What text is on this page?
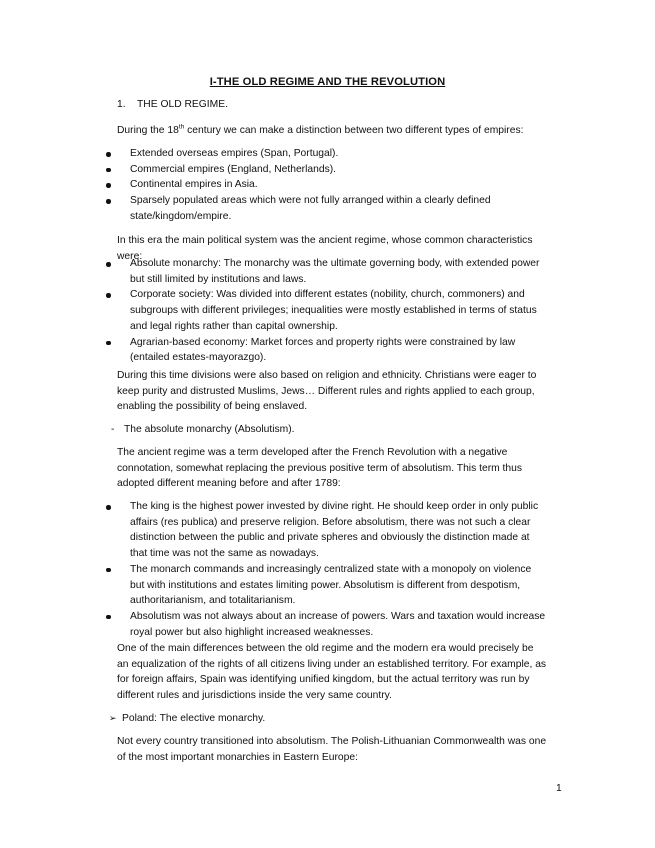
I-THE OLD REGIME AND THE REVOLUTION
1. THE OLD REGIME.

During the 18th century we can make a distinction between two different types of empires:

Extended overseas empires (Span, Portugal).
Commercial empires (England, Netherlands).
Continental empires in Asia.
Sparsely populated areas which were not fully arranged within a clearly defined state/kingdom/empire.

In this era the main political system was the ancient regime, whose common characteristics were:

Absolute monarchy: The monarchy was the ultimate governing body, with extended power but still limited by institutions and laws.
Corporate society: Was divided into different estates (nobility, church, commoners) and subgroups with different privileges; inequalities were mostly established in terms of status and legal rights rather than capital ownership.
Agrarian-based economy: Market forces and property rights were constrained by law (entailed estates-mayorazgo).

During this time divisions were also based on religion and ethnicity. Christians were eager to keep purity and distrusted Muslims, Jews… Different rules and rights applied to each group, enabling the possibility of being enslaved.

- The absolute monarchy (Absolutism).

The ancient regime was a term developed after the French Revolution with a negative connotation, somewhat replacing the previous positive term of absolutism. This term thus adopted different meaning before and after 1789:

The king is the highest power invested by divine right. He should keep order in only public affairs (res publica) and preserve religion. Before absolutism, there was not such a clear distinction between the public and private spheres and obviously the distinction made at that time was not the same as nowadays.
The monarch commands and increasingly centralized state with a monopoly on violence but with institutions and estates limiting power. Absolutism is different from despotism, authoritarianism, and totalitarianism.
Absolutism was not always about an increase of powers. Wars and taxation would increase royal power but also highlight increased weaknesses.

One of the main differences between the old regime and the modern era would precisely be an equalization of the rights of all citizens living under an established territory. For example, as for foreign affairs, Spain was identifying unified kingdom, but the actual territory was run by different rules and jurisdictions inside the very same country.

➢ Poland: The elective monarchy.

Not every country transitioned into absolutism. The Polish-Lithuanian Commonwealth was one of the most important monarchies in Eastern Europe:

1
